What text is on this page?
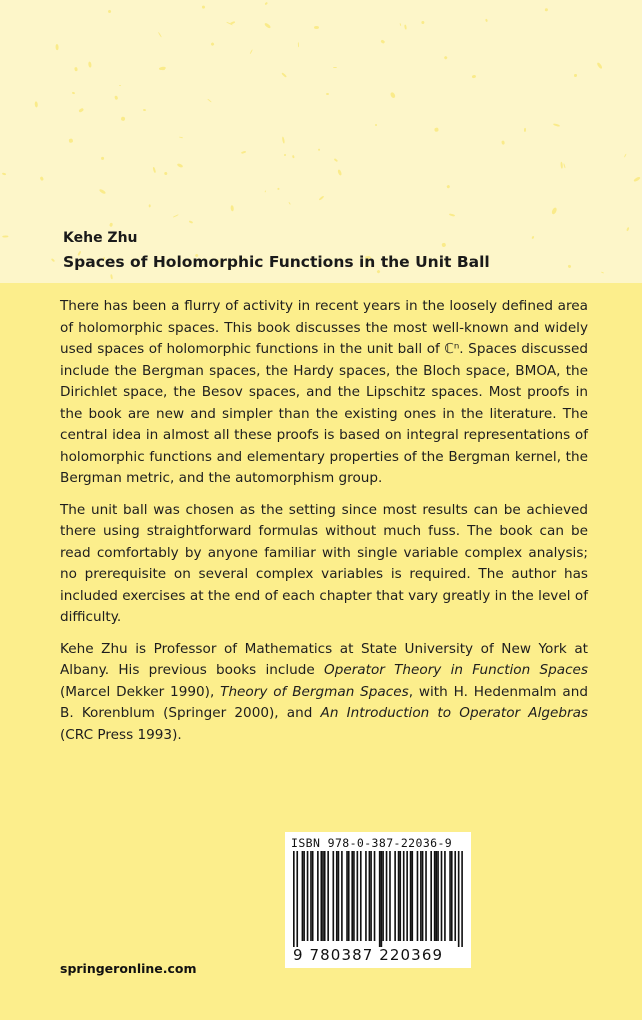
Kehe Zhu
Spaces of Holomorphic Functions in the Unit Ball

There has been a flurry of activity in recent years in the loosely defined area of holomorphic spaces. This book discusses the most well-known and widely used spaces of holomorphic functions in the unit ball of ℂⁿ. Spaces discussed include the Bergman spaces, the Hardy spaces, the Bloch space, BMOA, the Dirichlet space, the Besov spaces, and the Lipschitz spaces. Most proofs in the book are new and simpler than the existing ones in the literature. The central idea in almost all these proofs is based on integral representations of holomorphic functions and elementary properties of the Bergman kernel, the Bergman metric, and the automorphism group.

The unit ball was chosen as the setting since most results can be achieved there using straightforward formulas without much fuss. The book can be read comfortably by anyone familiar with single variable complex analysis; no prerequisite on several complex variables is required. The author has included exercises at the end of each chapter that vary greatly in the level of difficulty.

Kehe Zhu is Professor of Mathematics at State University of New York at Albany. His previous books include Operator Theory in Function Spaces (Marcel Dekker 1990), Theory of Bergman Spaces, with H. Hedenmalm and B. Korenblum (Springer 2000), and An Introduction to Operator Algebras (CRC Press 1993).

ISBN 978-0-387-22036-9
9 780387 220369
springeronline.com
